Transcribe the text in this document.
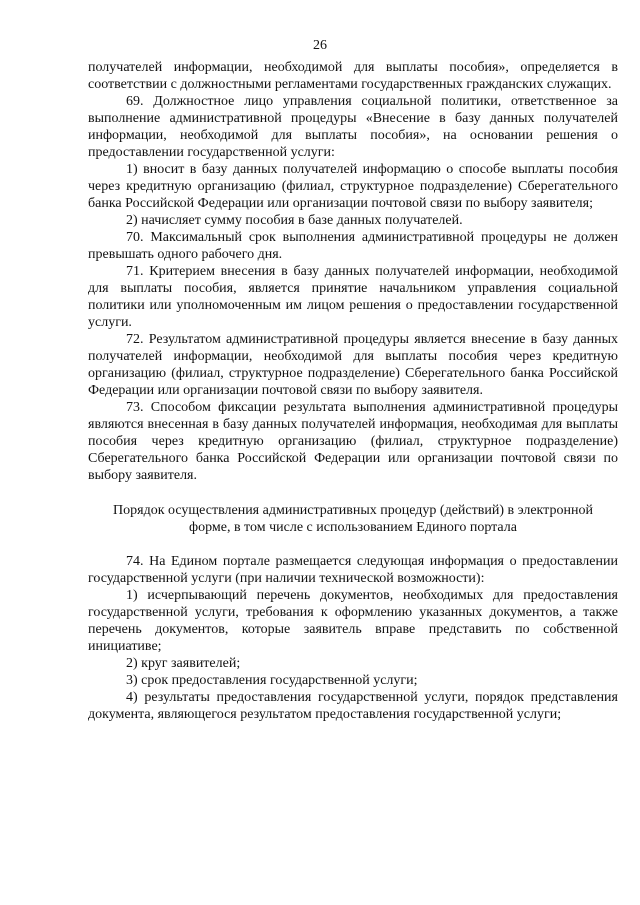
26

получателей информации, необходимой для выплаты пособия», определяется в соответствии с должностными регламентами государственных гражданских служащих.

69. Должностное лицо управления социальной политики, ответственное за выполнение административной процедуры «Внесение в базу данных получателей информации, необходимой для выплаты пособия», на основании решения о предоставлении государственной услуги:

1) вносит в базу данных получателей информацию о способе выплаты пособия через кредитную организацию (филиал, структурное подразделение) Сберегательного банка Российской Федерации или организации почтовой связи по выбору заявителя;

2) начисляет сумму пособия в базе данных получателей.

70. Максимальный срок выполнения административной процедуры не должен превышать одного рабочего дня.

71. Критерием внесения в базу данных получателей информации, необходимой для выплаты пособия, является принятие начальником управления социальной политики или уполномоченным им лицом решения о предоставлении государственной услуги.

72. Результатом административной процедуры является внесение в базу данных получателей информации, необходимой для выплаты пособия через кредитную организацию (филиал, структурное подразделение) Сберегательного банка Российской Федерации или организации почтовой связи по выбору заявителя.

73. Способом фиксации результата выполнения административной процедуры являются внесенная в базу данных получателей информация, необходимая для выплаты пособия через кредитную организацию (филиал, структурное подразделение) Сберегательного банка Российской Федерации или организации почтовой связи по выбору заявителя.

Порядок осуществления административных процедур (действий) в электронной форме, в том числе с использованием Единого портала

74. На Едином портале размещается следующая информация о предоставлении государственной услуги (при наличии технической возможности):

1) исчерпывающий перечень документов, необходимых для предоставления государственной услуги, требования к оформлению указанных документов, а также перечень документов, которые заявитель вправе представить по собственной инициативе;

2) круг заявителей;

3) срок предоставления государственной услуги;

4) результаты предоставления государственной услуги, порядок представления документа, являющегося результатом предоставления государственной услуги;
